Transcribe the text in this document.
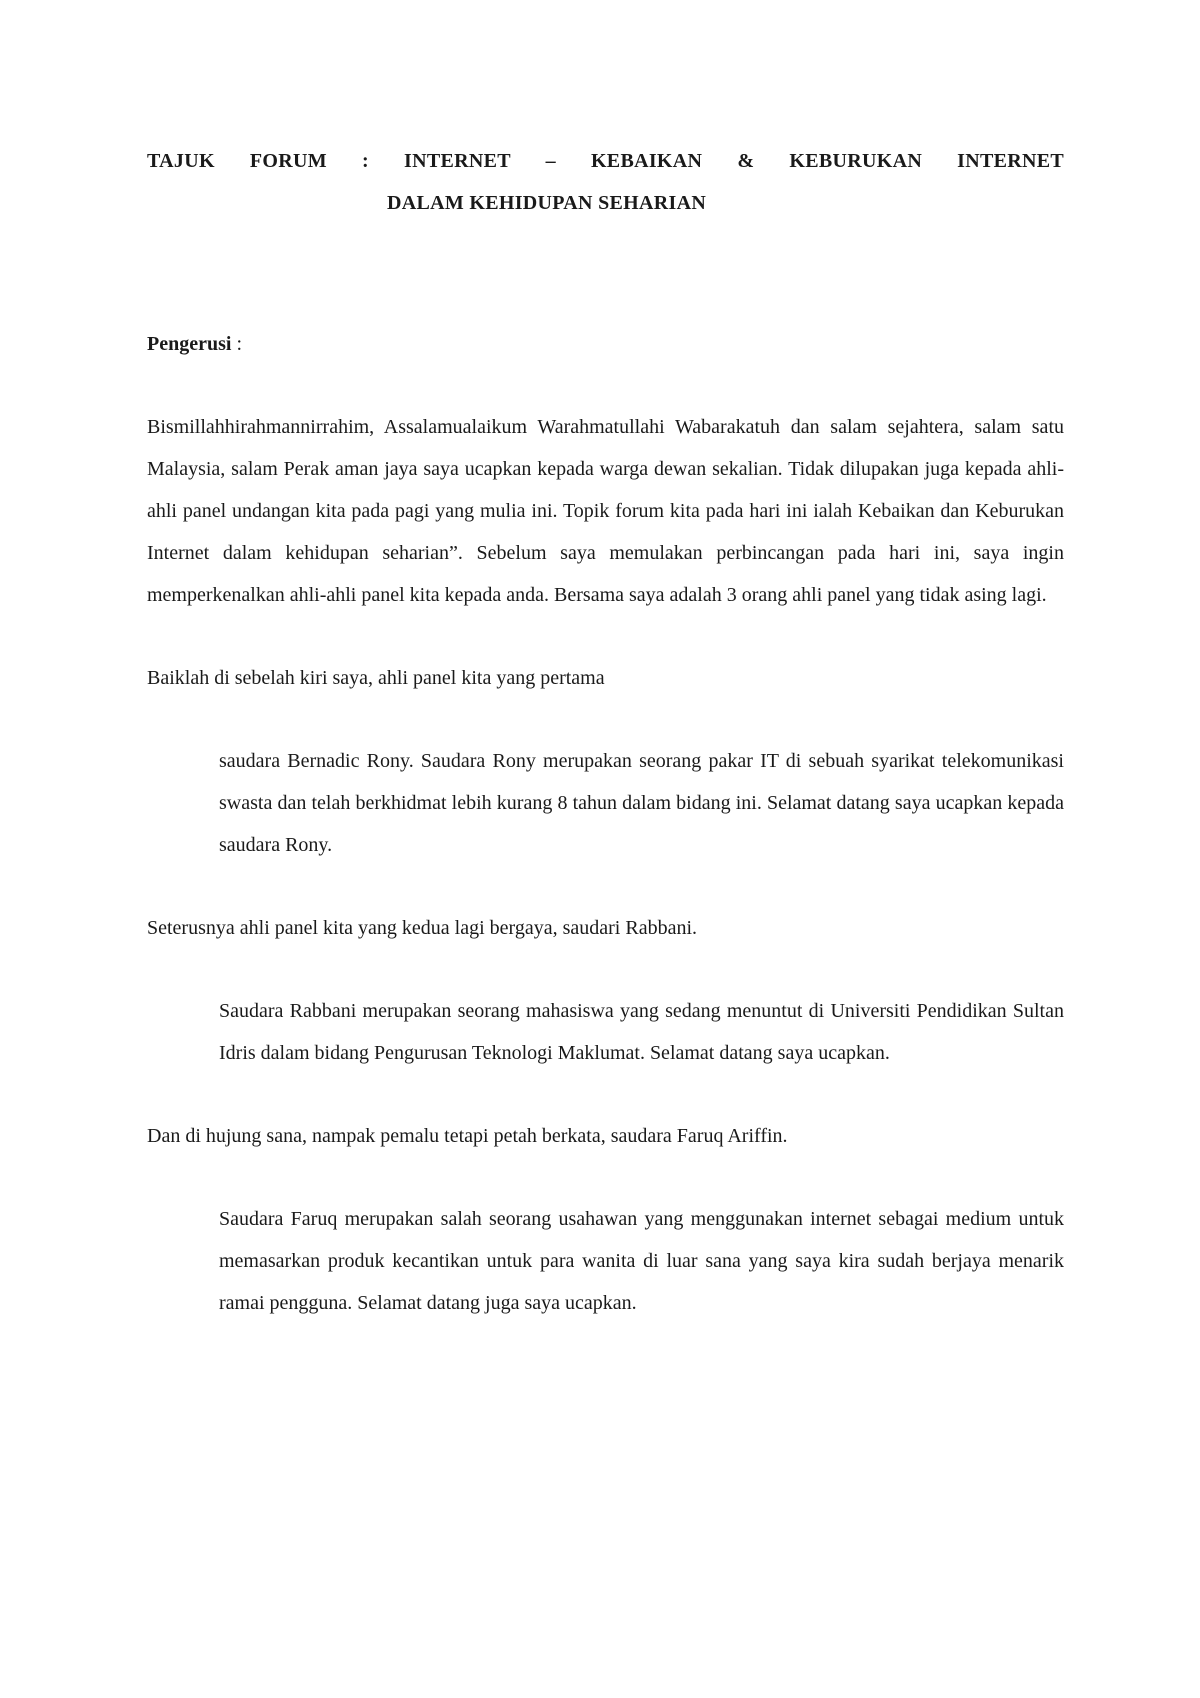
TAJUK FORUM : INTERNET – KEBAIKAN & KEBURUKAN INTERNET

DALAM KEHIDUPAN SEHARIAN

Pengerusi :

Bismillahhirahmannirrahim, Assalamualaikum Warahmatullahi Wabarakatuh dan salam sejahtera, salam satu Malaysia, salam Perak aman jaya saya ucapkan kepada warga dewan sekalian. Tidak dilupakan juga kepada ahli-ahli panel undangan kita pada pagi yang mulia ini. Topik forum kita pada hari ini ialah Kebaikan dan Keburukan Internet dalam kehidupan seharian”. Sebelum saya memulakan perbincangan pada hari ini, saya ingin memperkenalkan ahli-ahli panel kita kepada anda. Bersama saya adalah 3 orang ahli panel yang tidak asing lagi.

Baiklah di sebelah kiri saya, ahli panel kita yang pertama

saudara Bernadic Rony. Saudara Rony merupakan seorang pakar IT di sebuah syarikat telekomunikasi swasta dan telah berkhidmat lebih kurang 8 tahun dalam bidang ini. Selamat datang saya ucapkan kepada saudara Rony.

Seterusnya ahli panel kita yang kedua lagi bergaya, saudari Rabbani.

Saudara Rabbani merupakan seorang mahasiswa yang sedang menuntut di Universiti Pendidikan Sultan Idris dalam bidang Pengurusan Teknologi Maklumat. Selamat datang saya ucapkan.

Dan di hujung sana, nampak pemalu tetapi petah berkata, saudara Faruq Ariffin.

Saudara Faruq merupakan salah seorang usahawan yang menggunakan internet sebagai medium untuk memasarkan produk kecantikan untuk para wanita di luar sana yang saya kira sudah berjaya menarik ramai pengguna. Selamat datang juga saya ucapkan.
